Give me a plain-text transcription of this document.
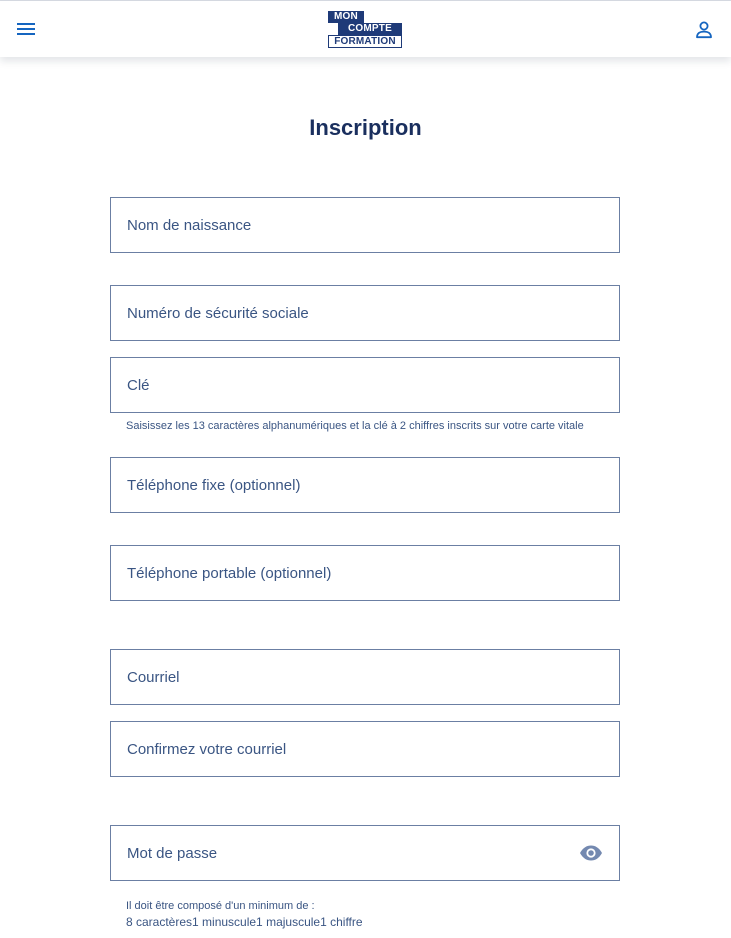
MON
COMPTE
FORMATION
Inscription
Nom de naissance
Numéro de sécurité sociale
Clé
Saisissez les 13 caractères alphanumériques et la clé à 2 chiffres inscrits sur votre carte vitale
Téléphone fixe (optionnel)
Téléphone portable (optionnel)
Courriel
Confirmez votre courriel
Mot de passe
Il doit être composé d'un minimum de :
8 caractères1 minuscule1 majuscule1 chiffre
